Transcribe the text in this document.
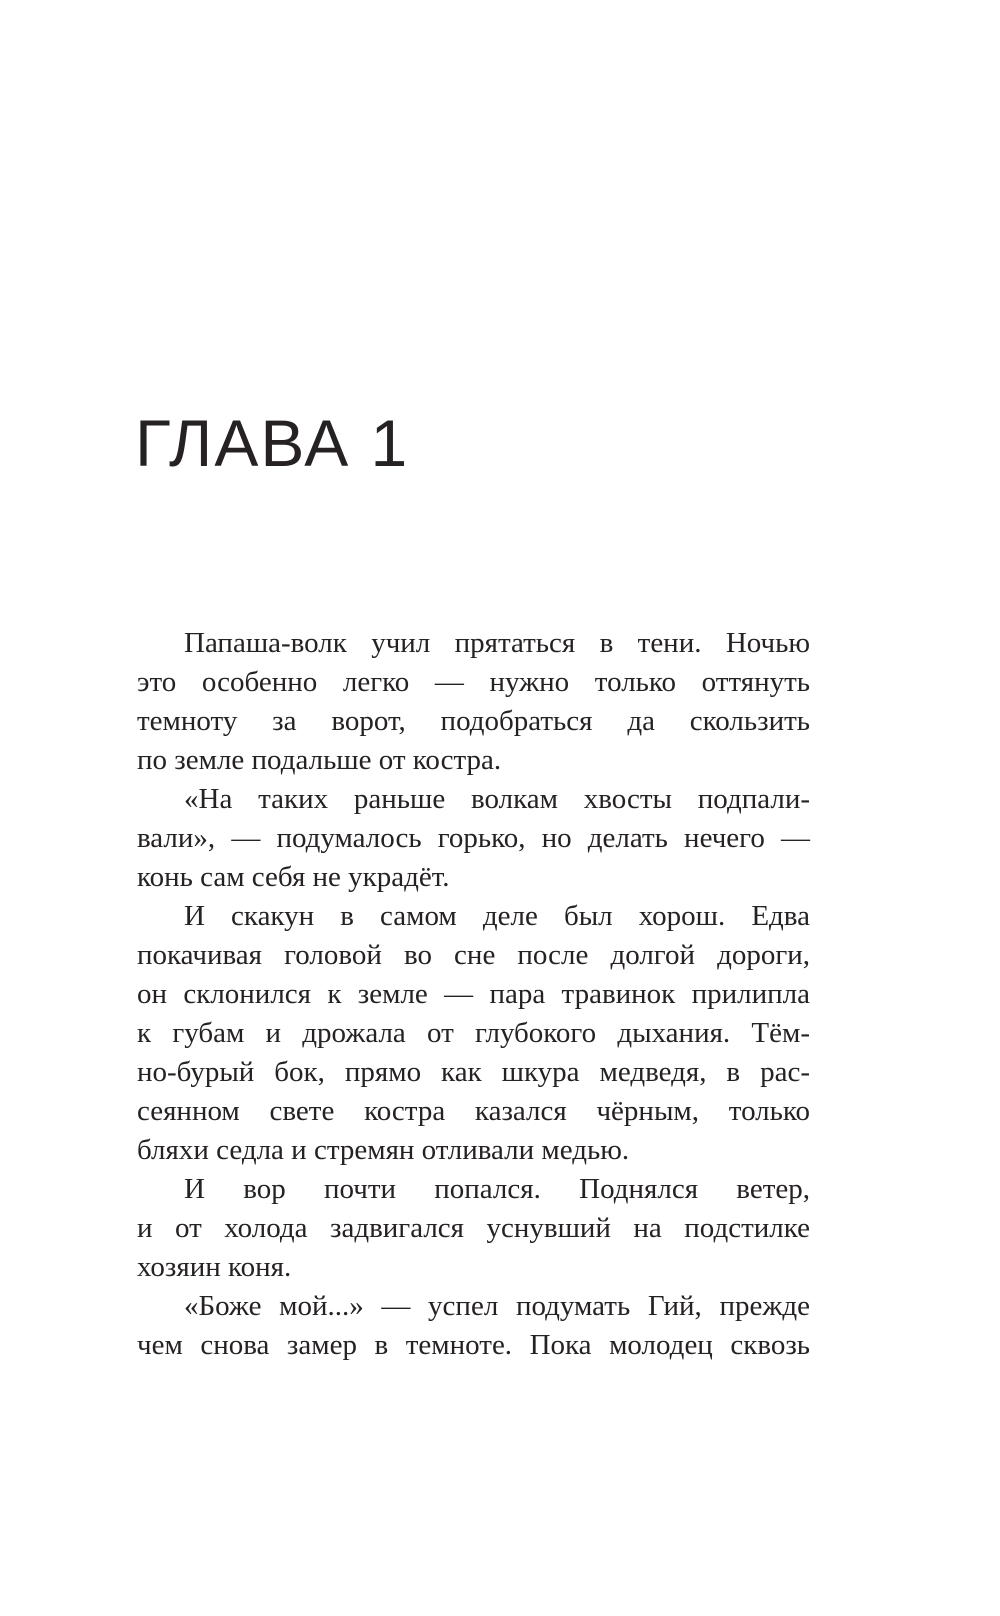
ГЛАВА 1
Папаша-волк учил прятаться в тени. Ночью
это особенно легко — нужно только оттянуть
темноту за ворот, подобраться да скользить
по земле подальше от костра.
«На таких раньше волкам хвосты подпали-
вали», — подумалось горько, но делать нечего —
конь сам себя не украдёт.
И скакун в самом деле был хорош. Едва
покачивая головой во сне после долгой дороги,
он склонился к земле — пара травинок прилипла
к губам и дрожала от глубокого дыхания. Тём-
но-бурый бок, прямо как шкура медведя, в рас-
сеянном свете костра казался чёрным, только
бляхи седла и стремян отливали медью.
И вор почти попался. Поднялся ветер,
и от холода задвигался уснувший на подстилке
хозяин коня.
«Боже мой...» — успел подумать Гий, прежде
чем снова замер в темноте. Пока молодец сквозь
